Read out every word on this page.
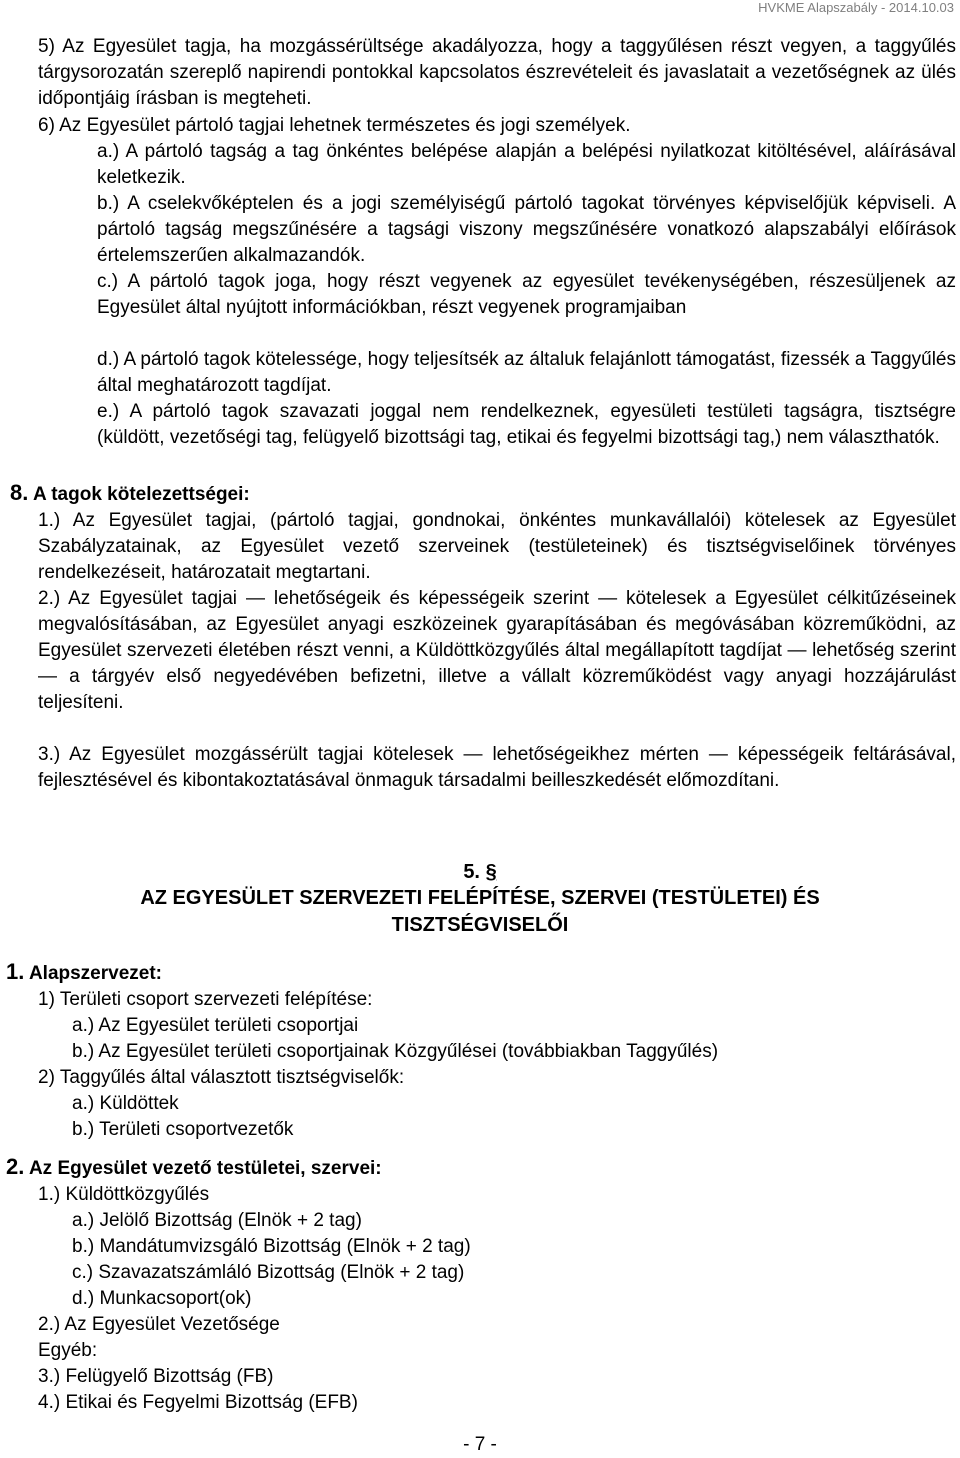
HVKME Alapszabály - 2014.10.03

5) Az Egyesület tagja, ha mozgássérültsége akadályozza, hogy a taggyűlésen részt vegyen, a taggyűlés tárgysorozatán szereplő napirendi pontokkal kapcsolatos észrevételeit és javaslatait a vezetőségnek az ülés időpontjáig írásban is megteheti.

6) Az Egyesület pártoló tagjai lehetnek természetes és jogi személyek.

a.) A pártoló tagság a tag önkéntes belépése alapján a belépési nyilatkozat kitöltésével, aláírásával keletkezik.

b.) A cselekvőképtelen és a jogi személyiségű pártoló tagokat törvényes képviselőjük képviseli. A pártoló tagság megszűnésére a tagsági viszony megszűnésére vonatkozó alapszabályi előírások értelemszerűen alkalmazandók.

c.) A pártoló tagok joga, hogy részt vegyenek az egyesület tevékenységében, részesüljenek az Egyesület által nyújtott információkban, részt vegyenek programjaiban

d.) A pártoló tagok kötelessége, hogy teljesítsék az általuk felajánlott támogatást, fizessék a Taggyűlés által meghatározott tagdíjat.

e.) A pártoló tagok szavazati joggal nem rendelkeznek, egyesületi testületi tagságra, tisztségre (küldött, vezetőségi tag, felügyelő bizottsági tag, etikai és fegyelmi bizottsági tag,) nem választhatók.

8. A tagok kötelezettségei:

1.) Az Egyesület tagjai, (pártoló tagjai, gondnokai, önkéntes munkavállalói) kötelesek az Egyesület Szabályzatainak, az Egyesület vezető szerveinek (testületeinek) és tisztségviselőinek törvényes rendelkezéseit, határozatait megtartani.

2.) Az Egyesület tagjai — lehetőségeik és képességeik szerint — kötelesek a Egyesület célkitűzéseinek megvalósításában, az Egyesület anyagi eszközeinek gyarapításában és megóvásában közreműködni, az Egyesület szervezeti életében részt venni, a Küldöttközgyűlés által megállapított tagdíjat — lehetőség szerint — a tárgyév első negyedévében befizetni, illetve a vállalt közreműködést vagy anyagi hozzájárulást teljesíteni.

3.) Az Egyesület mozgássérült tagjai kötelesek — lehetőségeikhez mérten — képességeik feltárásával, fejlesztésével és kibontakoztatásával önmaguk társadalmi beilleszkedését előmozdítani.

5. §
AZ EGYESÜLET SZERVEZETI FELÉPÍTÉSE, SZERVEI (TESTÜLETEI) ÉS
TISZTSÉGVISELŐI
1. Alapszervezet:
1) Területi csoport szervezeti felépítése:
a.) Az Egyesület területi csoportjai
b.) Az Egyesület területi csoportjainak Közgyűlései (továbbiakban Taggyűlés)
2) Taggyűlés által választott tisztségviselők:
a.) Küldöttek
b.) Területi csoportvezetők
2. Az Egyesület vezető testületei, szervei:
1.) Küldöttközgyűlés
a.) Jelölő Bizottság (Elnök + 2 tag)
b.) Mandátumvizsgáló Bizottság (Elnök + 2 tag)
c.) Szavazatszámláló Bizottság (Elnök + 2 tag)
d.) Munkacsoport(ok)
2.) Az Egyesület Vezetősége
Egyéb:
3.) Felügyelő Bizottság (FB)
4.) Etikai és Fegyelmi Bizottság (EFB)
- 7 -
